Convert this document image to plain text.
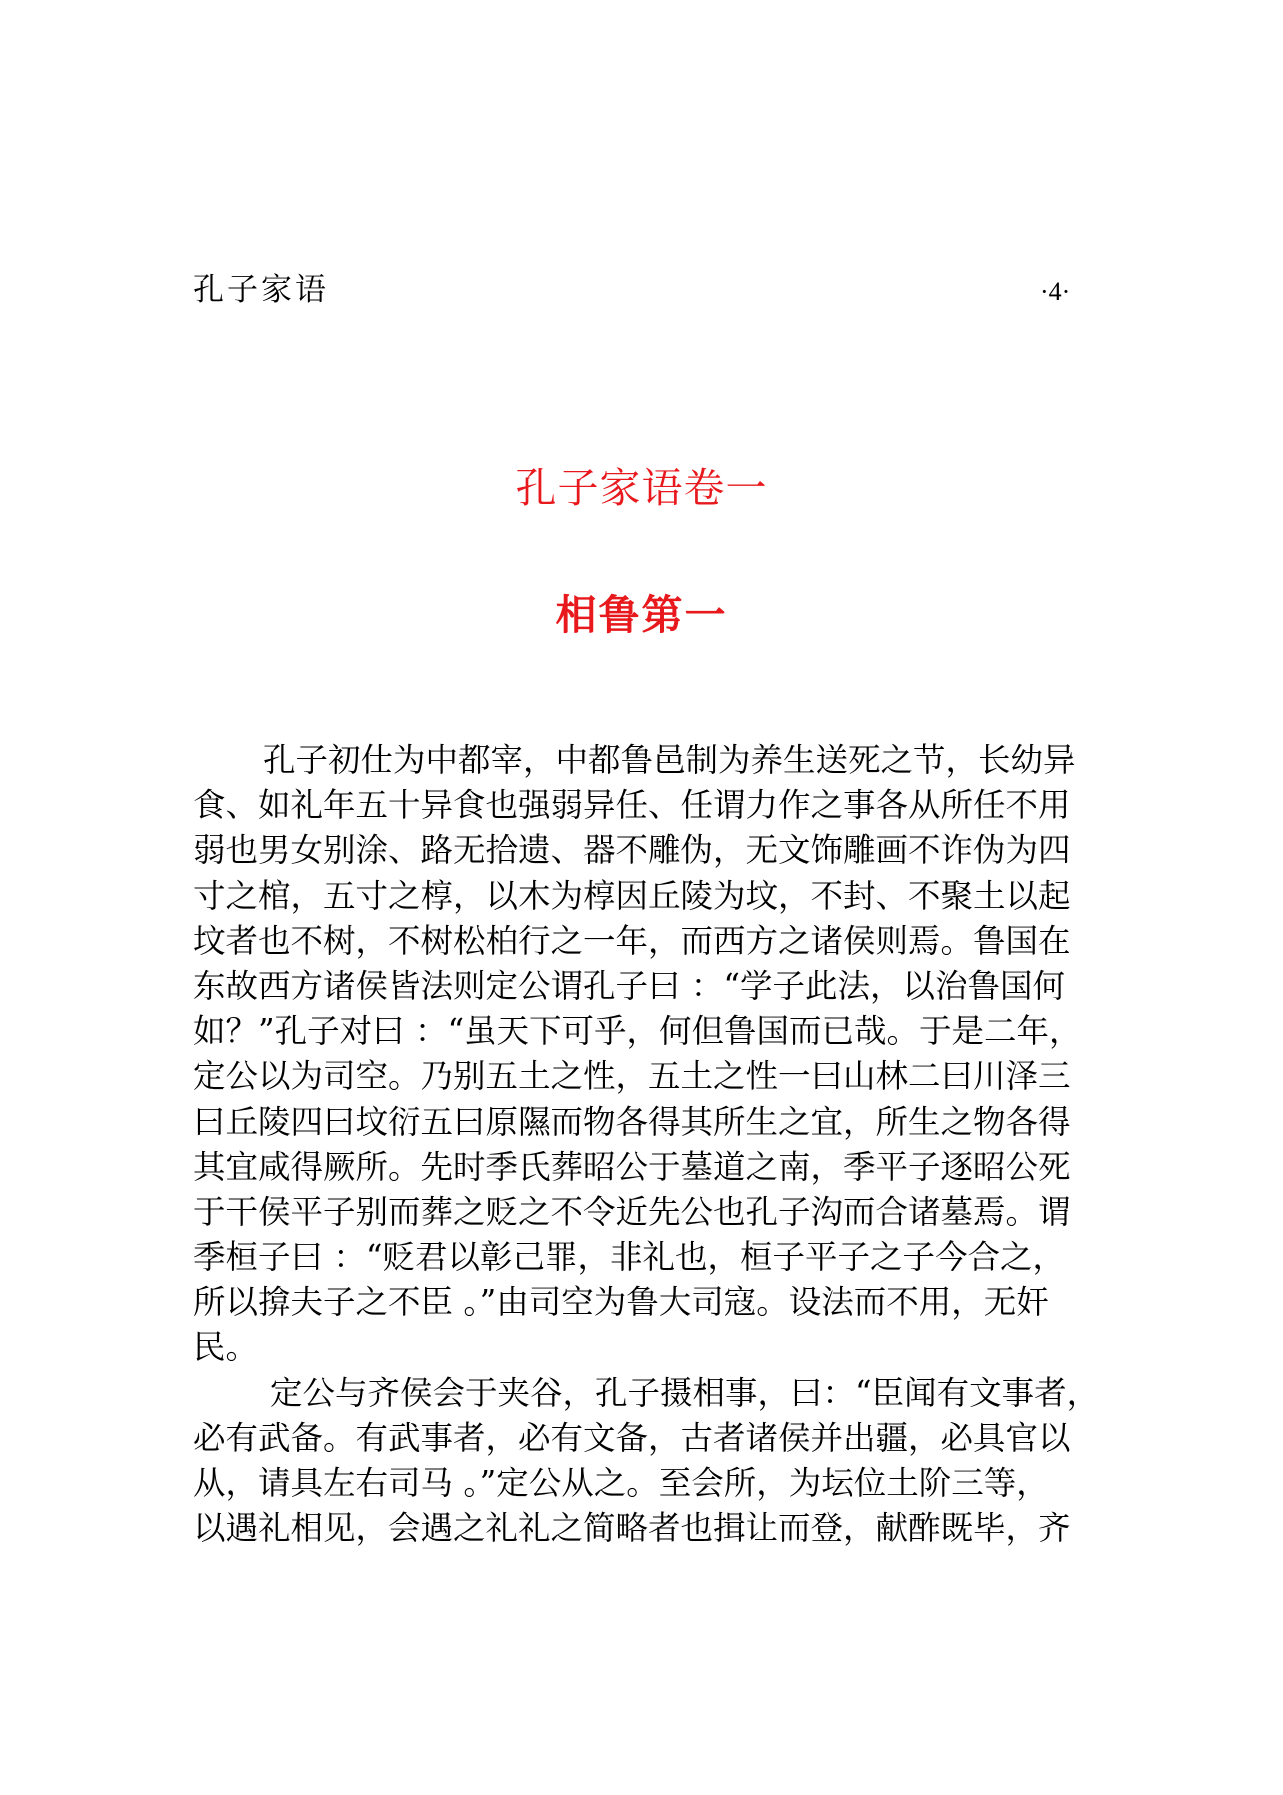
孔子家语	·4·
孔子家语卷一
相鲁第一
孔子初仕为中都宰，中都鲁邑制为养生送死之节，长幼异
食、如礼年五十异食也强弱异任、任谓力作之事各从所任不用
弱也男女别涂、路无拾遗、器不雕伪，无文饰雕画不诈伪为四
寸之棺，五寸之椁，以木为椁因丘陵为坟，不封、不聚土以起
坟者也不树，不树松柏行之一年，而西方之诸侯则焉。鲁国在
东故西方诸侯皆法则定公谓孔子曰 ：“学子此法，以治鲁国何
如？”孔子对曰 ：“虽天下可乎，何但鲁国而已哉。于是二年，
定公以为司空。乃别五土之性，五土之性一曰山林二曰川泽三
曰丘陵四曰坟衍五曰原隰而物各得其所生之宜，所生之物各得
其宜咸得厥所。先时季氏葬昭公于墓道之南，季平子逐昭公死
于干侯平子别而葬之贬之不令近先公也孔子沟而合诸墓焉。谓
季桓子曰 ：“贬君以彰己罪，非礼也，桓子平子之子今合之，
所以揜夫子之不臣 。”由司空为鲁大司寇。设法而不用，无奸
民。
定公与齐侯会于夹谷，孔子摄相事，曰：“臣闻有文事者，
必有武备。有武事者，必有文备，古者诸侯并出疆，必具官以
从，请具左右司马 。”定公从之。至会所，为坛位土阶三等，
以遇礼相见，会遇之礼礼之简略者也揖让而登，献酢既毕，齐
